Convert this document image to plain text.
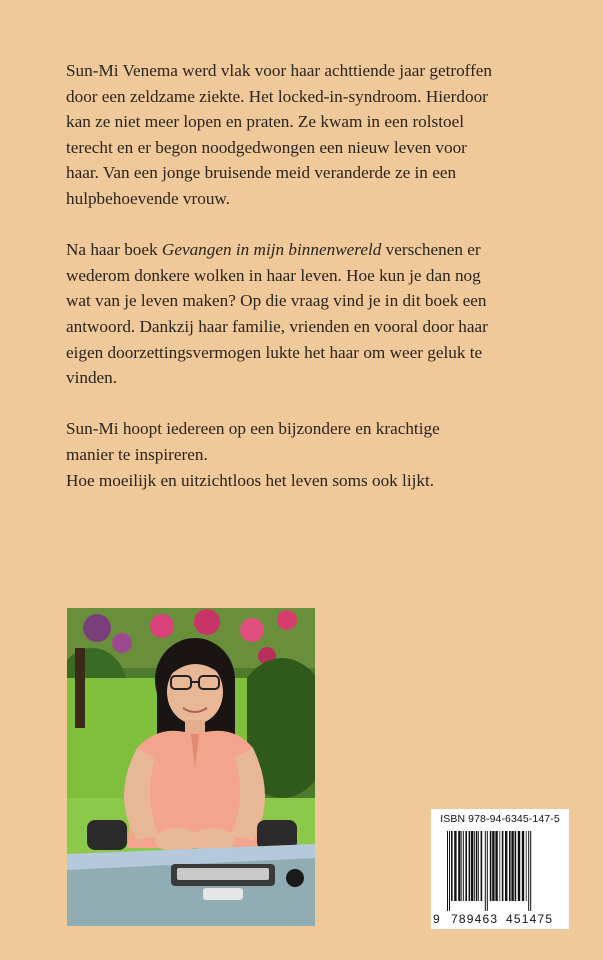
Sun-Mi Venema werd vlak voor haar achttiende jaar getroffen
door een zeldzame ziekte. Het locked-in-syndroom. Hierdoor
kan ze niet meer lopen en praten. Ze kwam in een rolstoel
terecht en er begon noodgedwongen een nieuw leven voor
haar. Van een jonge bruisende meid veranderde ze in een
hulpbehoevende vrouw.

Na haar boek Gevangen in mijn binnenwereld verschenen er
wederom donkere wolken in haar leven. Hoe kun je dan nog
wat van je leven maken? Op die vraag vind je in dit boek een
antwoord. Dankzij haar familie, vrienden en vooral door haar
eigen doorzettingsvermogen lukte het haar om weer geluk te
vinden.

Sun-Mi hoopt iedereen op een bijzondere en krachtige
manier te inspireren.
Hoe moeilijk en uitzichtloos het leven soms ook lijkt.

ISBN 978-94-6345-147-5
9 789463 451475
